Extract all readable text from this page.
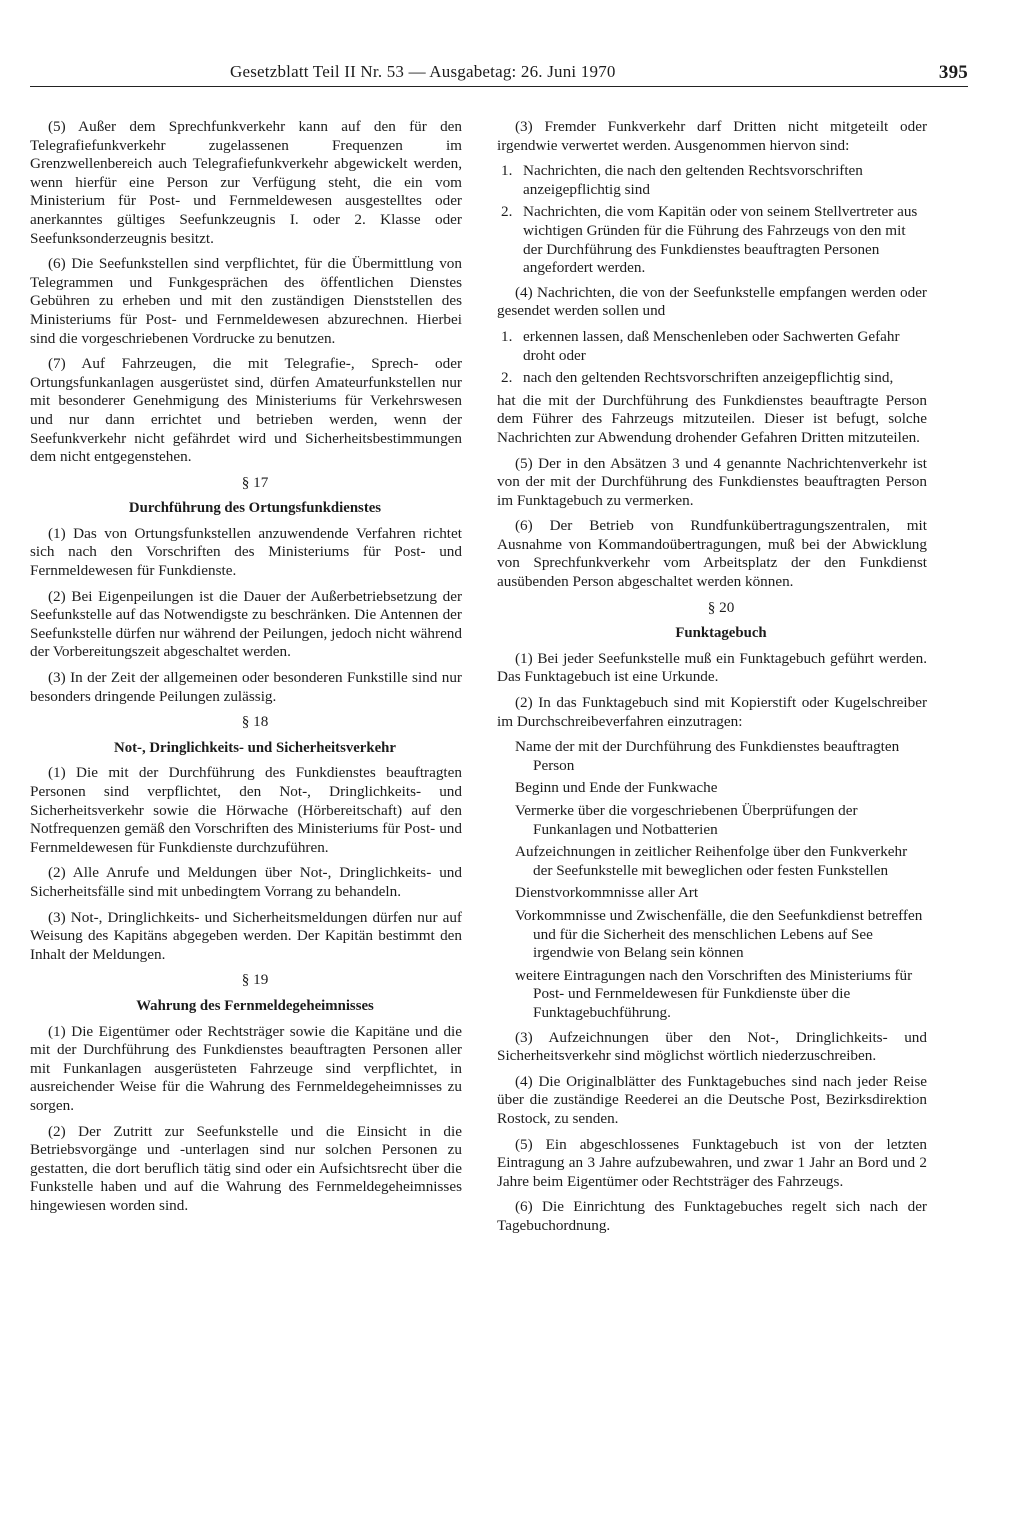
Gesetzblatt Teil II Nr. 53 — Ausgabetag: 26. Juni 1970	395

(5) Außer dem Sprechfunkverkehr kann auf den für den Telegrafiefunkverkehr zugelassenen Frequenzen im Grenzwellenbereich auch Telegrafiefunkverkehr abgewickelt werden, wenn hierfür eine Person zur Verfügung steht, die ein vom Ministerium für Post- und Fernmeldewesen ausgestelltes oder anerkanntes gültiges Seefunkzeugnis I. oder 2. Klasse oder Seefunksonderzeugnis besitzt.

(6) Die Seefunkstellen sind verpflichtet, für die Übermittlung von Telegrammen und Funkgesprächen des öffentlichen Dienstes Gebühren zu erheben und mit den zuständigen Dienststellen des Ministeriums für Post- und Fernmeldewesen abzurechnen. Hierbei sind die vorgeschriebenen Vordrucke zu benutzen.

(7) Auf Fahrzeugen, die mit Telegrafie-, Sprech- oder Ortungsfunkanlagen ausgerüstet sind, dürfen Amateurfunkstellen nur mit besonderer Genehmigung des Ministeriums für Verkehrswesen und nur dann errichtet und betrieben werden, wenn der Seefunkverkehr nicht gefährdet wird und Sicherheitsbestimmungen dem nicht entgegenstehen.

§ 17

Durchführung des Ortungsfunkdienstes

(1) Das von Ortungsfunkstellen anzuwendende Verfahren richtet sich nach den Vorschriften des Ministeriums für Post- und Fernmeldewesen für Funkdienste.

(2) Bei Eigenpeilungen ist die Dauer der Außerbetriebsetzung der Seefunkstelle auf das Notwendigste zu beschränken. Die Antennen der Seefunkstelle dürfen nur während der Peilungen, jedoch nicht während der Vorbereitungszeit abgeschaltet werden.

(3) In der Zeit der allgemeinen oder besonderen Funkstille sind nur besonders dringende Peilungen zulässig.

§ 18

Not-, Dringlichkeits- und Sicherheitsverkehr

(1) Die mit der Durchführung des Funkdienstes beauftragten Personen sind verpflichtet, den Not-, Dringlichkeits- und Sicherheitsverkehr sowie die Hörwache (Hörbereitschaft) auf den Notfrequenzen gemäß den Vorschriften des Ministeriums für Post- und Fernmeldewesen für Funkdienste durchzuführen.

(2) Alle Anrufe und Meldungen über Not-, Dringlichkeits- und Sicherheitsfälle sind mit unbedingtem Vorrang zu behandeln.

(3) Not-, Dringlichkeits- und Sicherheitsmeldungen dürfen nur auf Weisung des Kapitäns abgegeben werden. Der Kapitän bestimmt den Inhalt der Meldungen.

§ 19

Wahrung des Fernmeldegeheimnisses

(1) Die Eigentümer oder Rechtsträger sowie die Kapitäne und die mit der Durchführung des Funkdienstes beauftragten Personen aller mit Funkanlagen ausgerüsteten Fahrzeuge sind verpflichtet, in ausreichender Weise für die Wahrung des Fernmeldegeheimnisses zu sorgen.

(2) Der Zutritt zur Seefunkstelle und die Einsicht in die Betriebsvorgänge und -unterlagen sind nur solchen Personen zu gestatten, die dort beruflich tätig sind oder ein Aufsichtsrecht über die Funkstelle haben und auf die Wahrung des Fernmeldegeheimnisses hingewiesen worden sind.

(3) Fremder Funkverkehr darf Dritten nicht mitgeteilt oder irgendwie verwertet werden. Ausgenommen hiervon sind:

1. Nachrichten, die nach den geltenden Rechtsvorschriften anzeigepflichtig sind
2. Nachrichten, die vom Kapitän oder von seinem Stellvertreter aus wichtigen Gründen für die Führung des Fahrzeugs von den mit der Durchführung des Funkdienstes beauftragten Personen angefordert werden.

(4) Nachrichten, die von der Seefunkstelle empfangen werden oder gesendet werden sollen und

1. erkennen lassen, daß Menschenleben oder Sachwerten Gefahr droht oder
2. nach den geltenden Rechtsvorschriften anzeigepflichtig sind,

hat die mit der Durchführung des Funkdienstes beauftragte Person dem Führer des Fahrzeugs mitzuteilen. Dieser ist befugt, solche Nachrichten zur Abwendung drohender Gefahren Dritten mitzuteilen.

(5) Der in den Absätzen 3 und 4 genannte Nachrichtenverkehr ist von der mit der Durchführung des Funkdienstes beauftragten Person im Funktagebuch zu vermerken.

(6) Der Betrieb von Rundfunkübertragungszentralen, mit Ausnahme von Kommandoübertragungen, muß bei der Abwicklung von Sprechfunkverkehr vom Arbeitsplatz der den Funkdienst ausübenden Person abgeschaltet werden können.

§ 20

Funktagebuch

(1) Bei jeder Seefunkstelle muß ein Funktagebuch geführt werden. Das Funktagebuch ist eine Urkunde.

(2) In das Funktagebuch sind mit Kopierstift oder Kugelschreiber im Durchschreibeverfahren einzutragen:

Name der mit der Durchführung des Funkdienstes beauftragten Person
Beginn und Ende der Funkwache
Vermerke über die vorgeschriebenen Überprüfungen der Funkanlagen und Notbatterien
Aufzeichnungen in zeitlicher Reihenfolge über den Funkverkehr der Seefunkstelle mit beweglichen oder festen Funkstellen
Dienstvorkommnisse aller Art
Vorkommnisse und Zwischenfälle, die den Seefunkdienst betreffen und für die Sicherheit des menschlichen Lebens auf See irgendwie von Belang sein können
weitere Eintragungen nach den Vorschriften des Ministeriums für Post- und Fernmeldewesen für Funkdienste über die Funktagebuchführung.

(3) Aufzeichnungen über den Not-, Dringlichkeits- und Sicherheitsverkehr sind möglichst wörtlich niederzuschreiben.

(4) Die Originalblätter des Funktagebuches sind nach jeder Reise über die zuständige Reederei an die Deutsche Post, Bezirksdirektion Rostock, zu senden.

(5) Ein abgeschlossenes Funktagebuch ist von der letzten Eintragung an 3 Jahre aufzubewahren, und zwar 1 Jahr an Bord und 2 Jahre beim Eigentümer oder Rechtsträger des Fahrzeugs.

(6) Die Einrichtung des Funktagebuches regelt sich nach der Tagebuchordnung.
